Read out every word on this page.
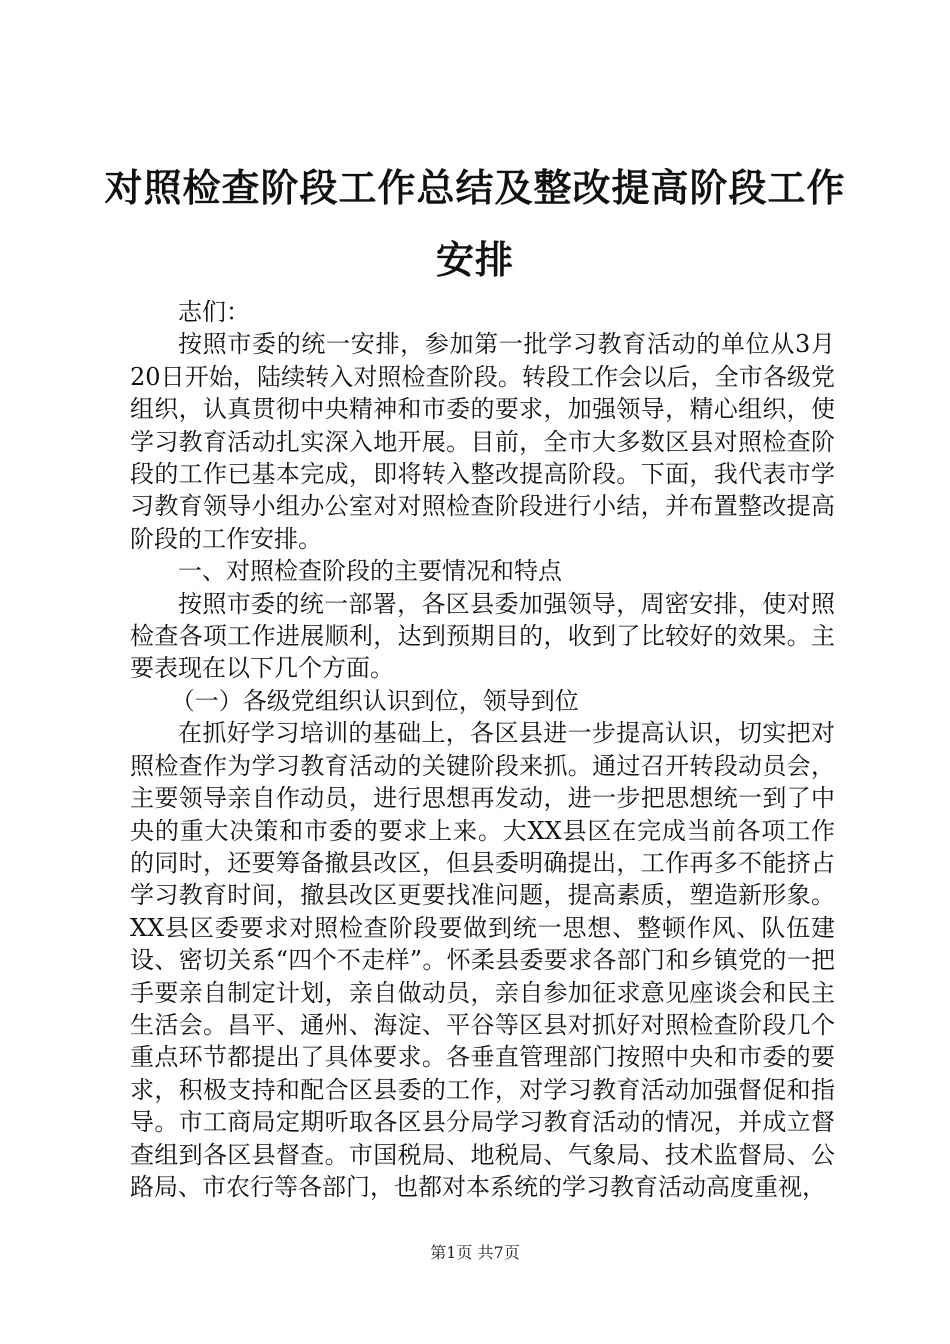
对照检查阶段工作总结及整改提高阶段工作安排

志们：

按照市委的统一安排，参加第一批学习教育活动的单位从3月20日开始，陆续转入对照检查阶段。转段工作会以后，全市各级党组织，认真贯彻中央精神和市委的要求，加强领导，精心组织，使学习教育活动扎实深入地开展。目前，全市大多数区县对照检查阶段的工作已基本完成，即将转入整改提高阶段。下面，我代表市学习教育领导小组办公室对对照检查阶段进行小结，并布置整改提高阶段的工作安排。

一、对照检查阶段的主要情况和特点

按照市委的统一部署，各区县委加强领导，周密安排，使对照检查各项工作进展顺利，达到预期目的，收到了比较好的效果。主要表现在以下几个方面。

（一）各级党组织认识到位，领导到位

在抓好学习培训的基础上，各区县进一步提高认识，切实把对照检查作为学习教育活动的关键阶段来抓。通过召开转段动员会，主要领导亲自作动员，进行思想再发动，进一步把思想统一到了中央的重大决策和市委的要求上来。大XX县区在完成当前各项工作的同时，还要筹备撤县改区，但县委明确提出，工作再多不能挤占学习教育时间，撤县改区更要找准问题，提高素质，塑造新形象。XX县区委要求对照检查阶段要做到统一思想、整顿作风、队伍建设、密切关系“四个不走样”。怀柔县委要求各部门和乡镇党的一把手要亲自制定计划，亲自做动员，亲自参加征求意见座谈会和民主生活会。昌平、通州、海淀、平谷等区县对抓好对照检查阶段几个重点环节都提出了具体要求。各垂直管理部门按照中央和市委的要求，积极支持和配合区县委的工作，对学习教育活动加强督促和指导。市工商局定期听取各区县分局学习教育活动的情况，并成立督查组到各区县督查。市国税局、地税局、气象局、技术监督局、公路局、市农行等各部门，也都对本系统的学习教育活动高度重视，

第1页 共7页
